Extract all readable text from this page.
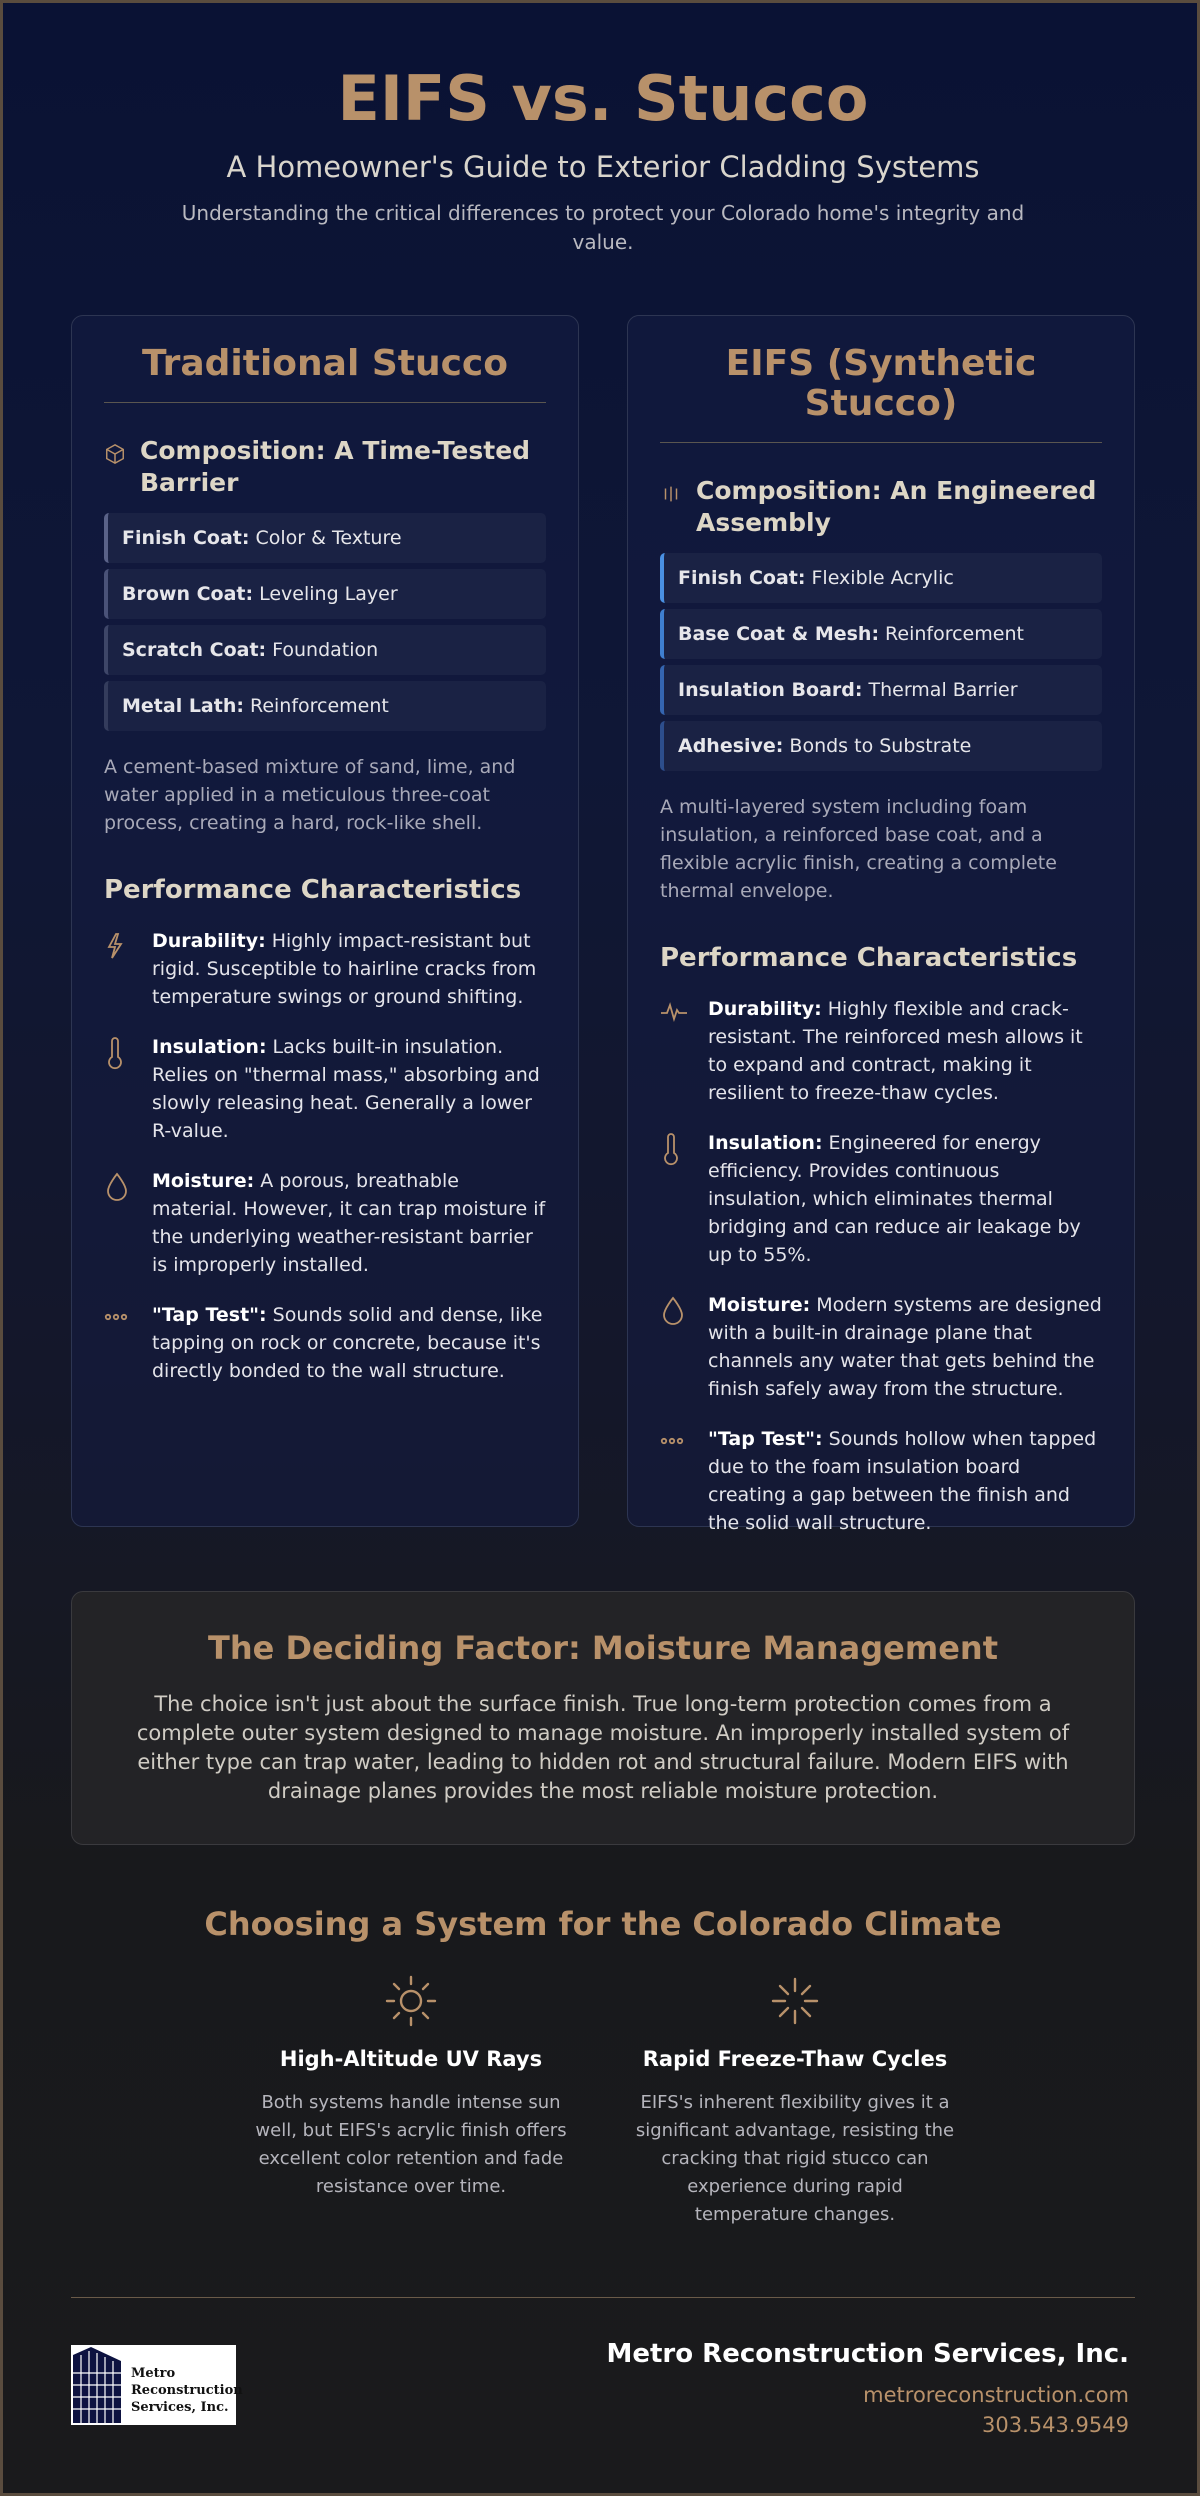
EIFS vs. Stucco
A Homeowner's Guide to Exterior Cladding Systems
Understanding the critical differences to protect your Colorado home's integrity and value.
Traditional Stucco
Composition: A Time-Tested Barrier
Finish Coat: Color & Texture
Brown Coat: Leveling Layer
Scratch Coat: Foundation
Metal Lath: Reinforcement
A cement-based mixture of sand, lime, and water applied in a meticulous three-coat process, creating a hard, rock-like shell.
Performance Characteristics

Durability: Highly impact-resistant but rigid. Susceptible to hairline cracks from temperature swings or ground shifting.

Insulation: Lacks built-in insulation. Relies on "thermal mass," absorbing and slowly releasing heat. Generally a lower R-value.

Moisture: A porous, breathable material. However, it can trap moisture if the underlying weather-resistant barrier is improperly installed.

"Tap Test": Sounds solid and dense, like tapping on rock or concrete, because it's directly bonded to the wall structure.

EIFS (Synthetic Stucco)
Composition: An Engineered Assembly
Finish Coat: Flexible Acrylic
Base Coat & Mesh: Reinforcement
Insulation Board: Thermal Barrier
Adhesive: Bonds to Substrate
A multi-layered system including foam insulation, a reinforced base coat, and a flexible acrylic finish, creating a complete thermal envelope.
Performance Characteristics

Durability: Highly flexible and crack-resistant. The reinforced mesh allows it to expand and contract, making it resilient to freeze-thaw cycles.

Insulation: Engineered for energy efficiency. Provides continuous insulation, which eliminates thermal bridging and can reduce air leakage by up to 55%.

Moisture: Modern systems are designed with a built-in drainage plane that channels any water that gets behind the finish safely away from the structure.

"Tap Test": Sounds hollow when tapped due to the foam insulation board creating a gap between the finish and the solid wall structure.

The Deciding Factor: Moisture Management

The choice isn't just about the surface finish. True long-term protection comes from a complete outer system designed to manage moisture. An improperly installed system of either type can trap water, leading to hidden rot and structural failure. Modern EIFS with drainage planes provides the most reliable moisture protection.

Choosing a System for the Colorado Climate
High-Altitude UV Rays

Both systems handle intense sun well, but EIFS's acrylic finish offers excellent color retention and fade resistance over time.

Rapid Freeze-Thaw Cycles

EIFS's inherent flexibility gives it a significant advantage, resisting the cracking that rigid stucco can experience during rapid temperature changes.

Metro
Reconstruction
Services, Inc.
Metro Reconstruction Services, Inc.
metroreconstruction.com
303.543.9549
